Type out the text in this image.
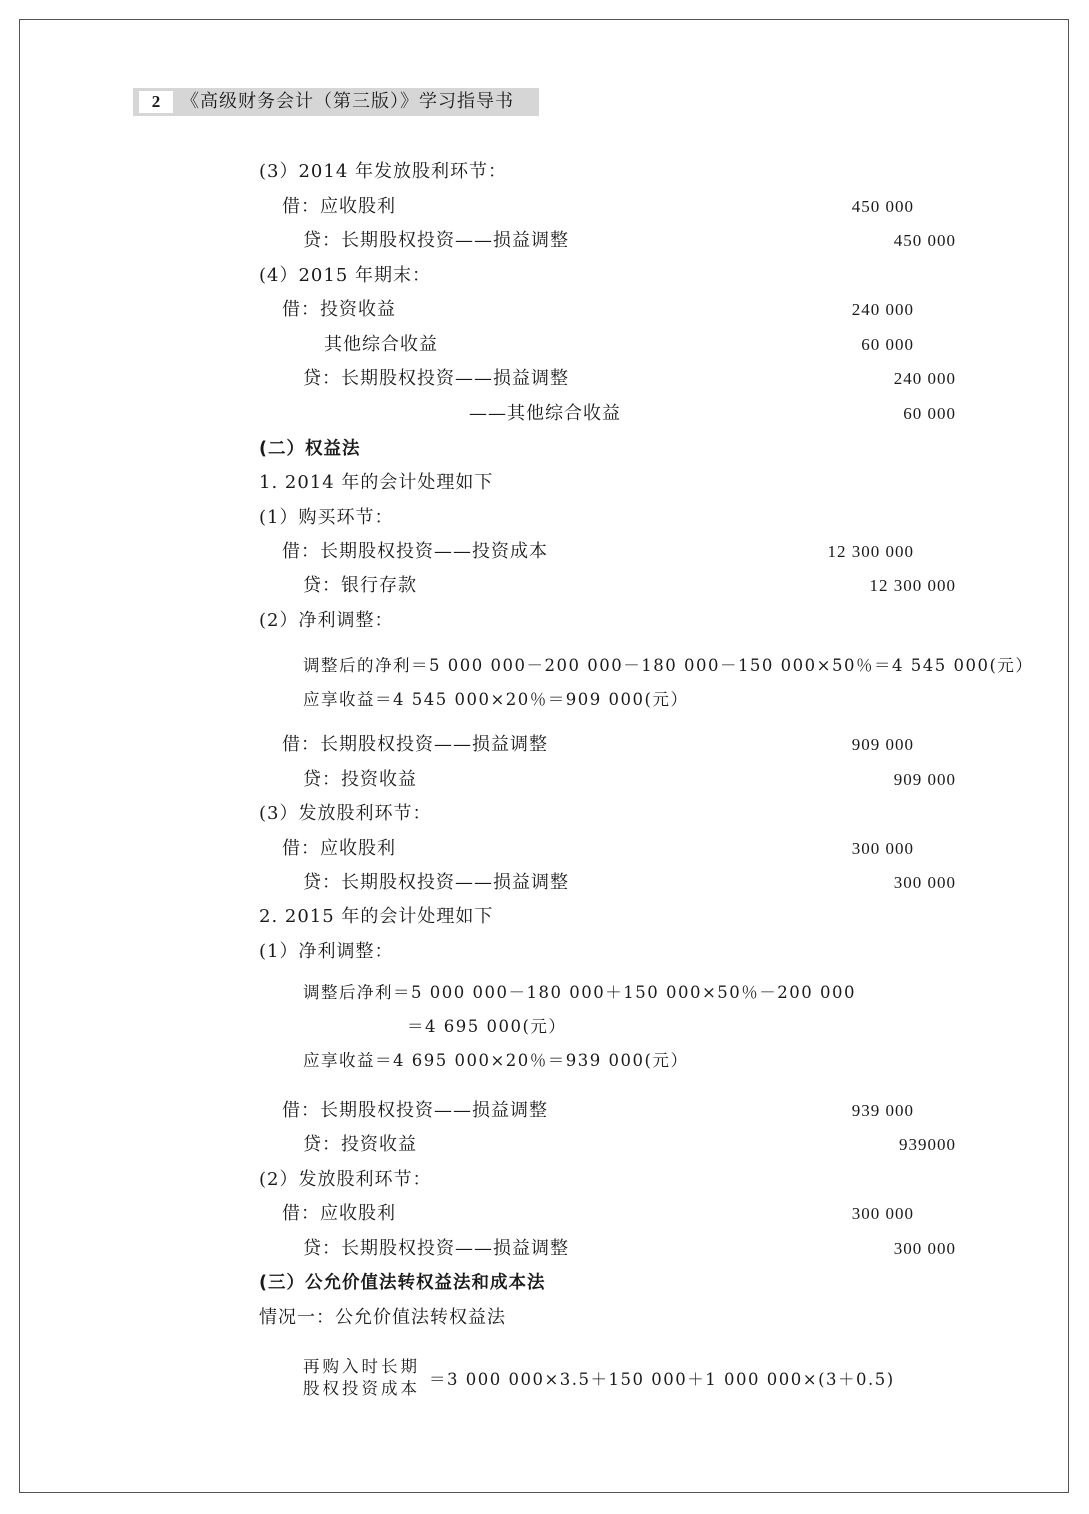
2	《高级财务会计（第三版）》学习指导书
(3）2014 年发放股利环节：
借：应收股利	450 000
贷：长期股权投资——损益调整	450 000
(4）2015 年期末：
借：投资收益	240 000
其他综合收益	60 000
贷：长期股权投资——损益调整	240 000
——其他综合收益	60 000
(二）权益法
1. 2014 年的会计处理如下
(1）购买环节：
借：长期股权投资——投资成本	12 300 000
贷：银行存款	12 300 000
(2）净利调整：
调整后的净利＝5 000 000－200 000－180 000－150 000×50％＝4 545 000(元）
应享收益＝4 545 000×20％＝909 000(元）
借：长期股权投资——损益调整	909 000
贷：投资收益	909 000
(3）发放股利环节：
借：应收股利	300 000
贷：长期股权投资——损益调整	300 000
2. 2015 年的会计处理如下
(1）净利调整：
调整后净利＝5 000 000－180 000＋150 000×50％－200 000
＝4 695 000(元）
应享收益＝4 695 000×20％＝939 000(元）
借：长期股权投资——损益调整	939 000
贷：投资收益	939000
(2）发放股利环节：
借：应收股利	300 000
贷：长期股权投资——损益调整	300 000
(三）公允价值法转权益法和成本法
情况一：公允价值法转权益法
再购入时长期
股权投资成本 ＝3 000 000×3.5＋150 000＋1 000 000×(3＋0.5)
